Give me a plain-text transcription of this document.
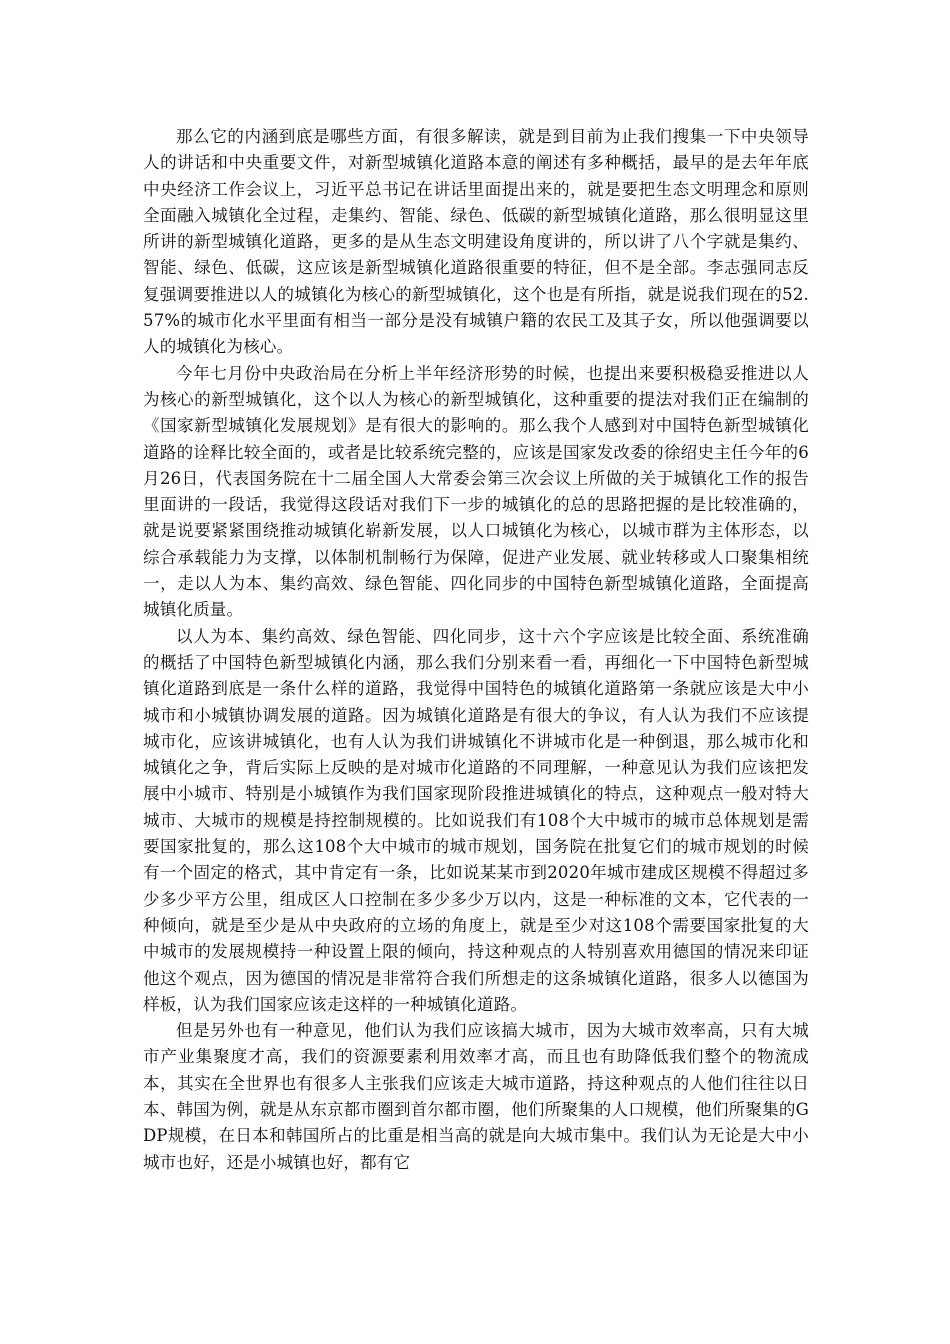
那么它的内涵到底是哪些方面，有很多解读，就是到目前为止我们搜集一下中央领导人的讲话和中央重要文件，对新型城镇化道路本意的阐述有多种概括，最早的是去年年底中央经济工作会议上，习近平总书记在讲话里面提出来的，就是要把生态文明理念和原则全面融入城镇化全过程，走集约、智能、绿色、低碳的新型城镇化道路，那么很明显这里所讲的新型城镇化道路，更多的是从生态文明建设角度讲的，所以讲了八个字就是集约、智能、绿色、低碳，这应该是新型城镇化道路很重要的特征，但不是全部。李志强同志反复强调要推进以人的城镇化为核心的新型城镇化，这个也是有所指，就是说我们现在的52.57%的城市化水平里面有相当一部分是没有城镇户籍的农民工及其子女，所以他强调要以人的城镇化为核心。

今年七月份中央政治局在分析上半年经济形势的时候，也提出来要积极稳妥推进以人为核心的新型城镇化，这个以人为核心的新型城镇化，这种重要的提法对我们正在编制的《国家新型城镇化发展规划》是有很大的影响的。那么我个人感到对中国特色新型城镇化道路的诠释比较全面的，或者是比较系统完整的，应该是国家发改委的徐绍史主任今年的6月26日，代表国务院在十二届全国人大常委会第三次会议上所做的关于城镇化工作的报告里面讲的一段话，我觉得这段话对我们下一步的城镇化的总的思路把握的是比较准确的，就是说要紧紧围绕推动城镇化崭新发展，以人口城镇化为核心，以城市群为主体形态，以综合承载能力为支撑，以体制机制畅行为保障，促进产业发展、就业转移或人口聚集相统一，走以人为本、集约高效、绿色智能、四化同步的中国特色新型城镇化道路，全面提高城镇化质量。

以人为本、集约高效、绿色智能、四化同步，这十六个字应该是比较全面、系统准确的概括了中国特色新型城镇化内涵，那么我们分别来看一看，再细化一下中国特色新型城镇化道路到底是一条什么样的道路，我觉得中国特色的城镇化道路第一条就应该是大中小城市和小城镇协调发展的道路。因为城镇化道路是有很大的争议，有人认为我们不应该提城市化，应该讲城镇化，也有人认为我们讲城镇化不讲城市化是一种倒退，那么城市化和城镇化之争，背后实际上反映的是对城市化道路的不同理解，一种意见认为我们应该把发展中小城市、特别是小城镇作为我们国家现阶段推进城镇化的特点，这种观点一般对特大城市、大城市的规模是持控制规模的。比如说我们有108个大中城市的城市总体规划是需要国家批复的，那么这108个大中城市的城市规划，国务院在批复它们的城市规划的时候有一个固定的格式，其中肯定有一条，比如说某某市到2020年城市建成区规模不得超过多少多少平方公里，组成区人口控制在多少多少万以内，这是一种标准的文本，它代表的一种倾向，就是至少是从中央政府的立场的角度上，就是至少对这108个需要国家批复的大中城市的发展规模持一种设置上限的倾向，持这种观点的人特别喜欢用德国的情况来印证他这个观点，因为德国的情况是非常符合我们所想走的这条城镇化道路，很多人以德国为样板，认为我们国家应该走这样的一种城镇化道路。

但是另外也有一种意见，他们认为我们应该搞大城市，因为大城市效率高，只有大城市产业集聚度才高，我们的资源要素利用效率才高，而且也有助降低我们整个的物流成本，其实在全世界也有很多人主张我们应该走大城市道路，持这种观点的人他们往往以日本、韩国为例，就是从东京都市圈到首尔都市圈，他们所聚集的人口规模，他们所聚集的GDP规模，在日本和韩国所占的比重是相当高的就是向大城市集中。我们认为无论是大中小城市也好，还是小城镇也好，都有它
